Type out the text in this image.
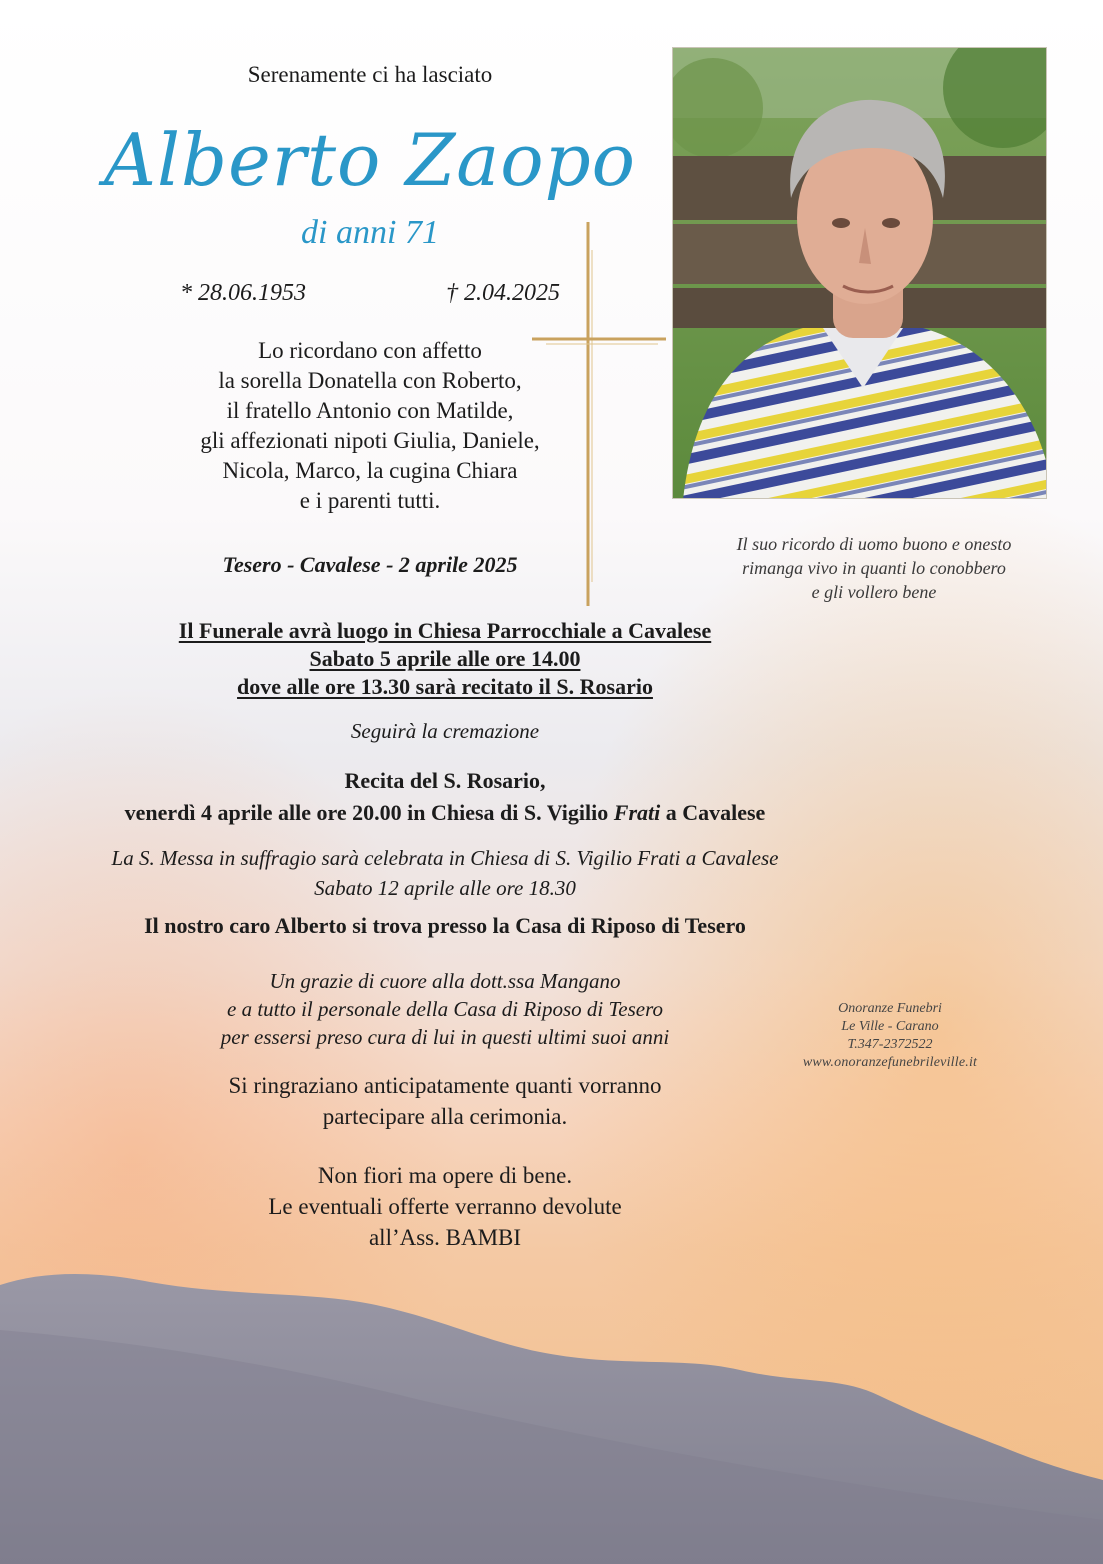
Serenamente ci ha lasciato
Alberto Zaopo
di anni 71
* 28.06.1953	† 2.04.2025
Lo ricordano con affetto
la sorella Donatella con Roberto,
il fratello Antonio con Matilde,
gli affezionati nipoti Giulia, Daniele,
Nicola, Marco, la cugina Chiara
e i parenti tutti.
Tesero - Cavalese - 2 aprile 2025
Il suo ricordo di uomo buono e onesto
rimanga vivo in quanti lo conobbero
e gli vollero bene
Il Funerale avrà luogo in Chiesa Parrocchiale a Cavalese
Sabato 5 aprile alle ore 14.00
dove alle ore 13.30 sarà recitato il S. Rosario
Seguirà la cremazione
Recita del S. Rosario,
venerdì 4 aprile alle ore 20.00 in Chiesa di S. Vigilio Frati a Cavalese
La S. Messa in suffragio sarà celebrata in Chiesa di S. Vigilio Frati a Cavalese
Sabato 12 aprile alle ore 18.30
Il nostro caro Alberto si trova presso la Casa di Riposo di Tesero
Un grazie di cuore alla dott.ssa Mangano
e a tutto il personale della Casa di Riposo di Tesero
per essersi preso cura di lui in questi ultimi suoi anni
Si ringraziano anticipatamente quanti vorranno
partecipare alla cerimonia.
Non fiori ma opere di bene.
Le eventuali offerte verranno devolute
all’Ass. BAMBI
Onoranze Funebri
Le Ville - Carano
T.347-2372522
www.onoranzefunebrileville.it
